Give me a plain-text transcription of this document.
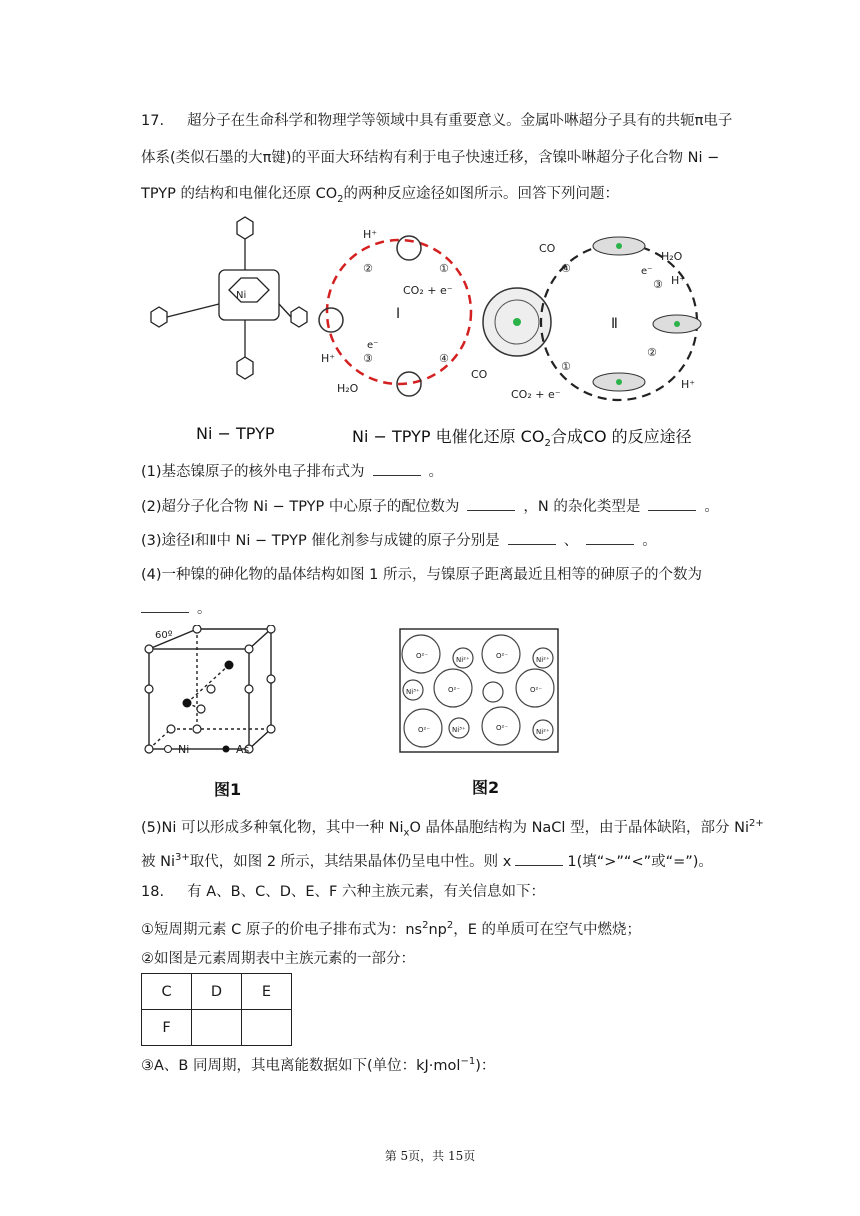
17. 超分子在生命科学和物理学等领域中具有重要意义。金属卟啉超分子具有的共轭π电子
体系(类似石墨的大π键)的平面大环结构有利于电子快速迁移，含镍卟啉超分子化合物 Ni −
TPYP 的结构和电催化还原 $CO_2$的两种反应途径如图所示。回答下列问题：
Ni
Ⅰ
H⁺
CO₂ + e⁻
H⁺
H₂O
CO
②	①
③	④
e⁻
Ⅱ
CO
H₂O
H⁺
e⁻
H⁺
CO₂ + e⁻
④
③
②
①
Ni − TPYP	Ni − TPYP 电催化还原 $CO_2$合成CO 的反应途径
(1)基态镍原子的核外电子排布式为	。
(2)超分子化合物 Ni − TPYP 中心原子的配位数为	，N 的杂化类型是	。
(3)途径Ⅰ和Ⅱ中 Ni − TPYP 催化剂参与成键的原子分别是	、	。
(4)一种镍的砷化物的晶体结构如图 1 所示，与镍原子距离最近且相等的砷原子的个数为
。
60º
Ni	As
图1
O²⁻	Ni²⁺	O²⁻	Ni²⁺
Ni³⁺	O²⁻	O²⁻
O²⁻	Ni³⁺	O²⁻	Ni²⁺
图2
(5)Ni 可以形成多种氧化物，其中一种 $Ni_xO$ 晶体晶胞结构为 NaCl 型，由于晶体缺陷，部分 $Ni^{2+}$
被 $Ni^{3+}$取代，如图 2 所示，其结果晶体仍呈电中性。则 x	1(填“>”“<”或“=”)。
18. 有 A、B、C、D、E、F 六种主族元素，有关信息如下：
①短周期元素 C 原子的价电子排布式为：$ns^2np^2$，E 的单质可在空气中燃烧；
②如图是元素周期表中主族元素的一部分：
C	D	E
F		
③A、B 同周期，其电离能数据如下(单位：kJ·mol$^{-1}$)：
第 5页，共 15页
